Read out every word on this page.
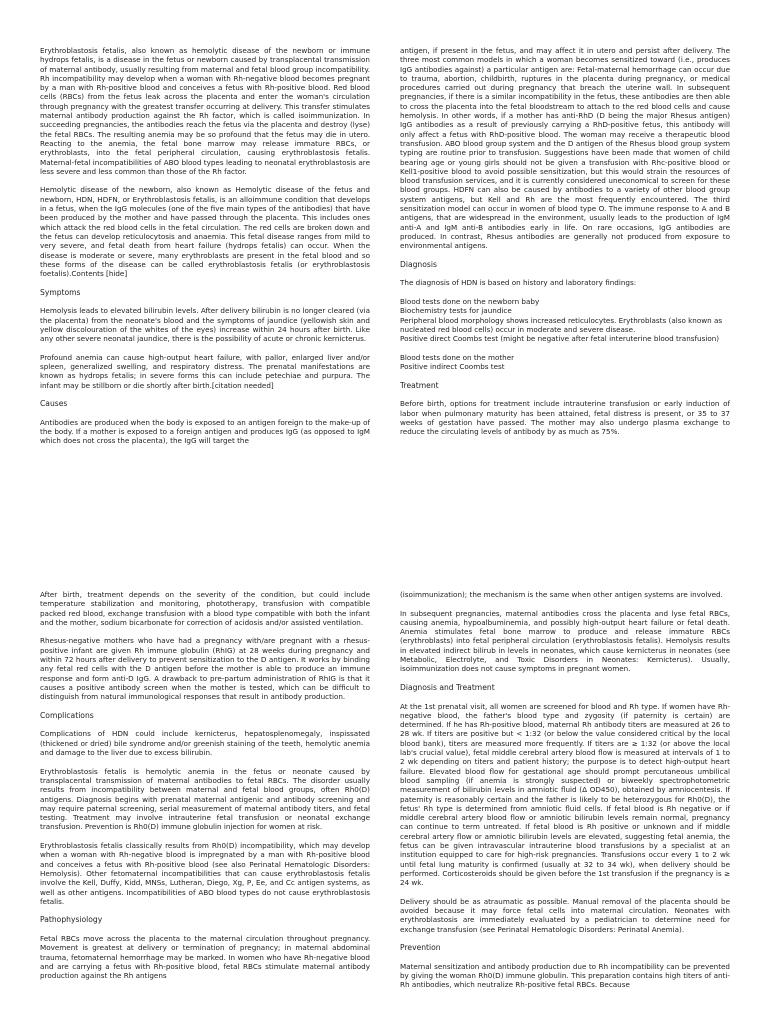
Erythroblastosis fetalis, also known as hemolytic disease of the newborn or immune hydrops fetalis, is a disease in the fetus or newborn caused by transplacental transmission of maternal antibody, usually resulting from maternal and fetal blood group incompatibility. Rh incompatibility may develop when a woman with Rh-negative blood becomes pregnant by a man with Rh-positive blood and conceives a fetus with Rh-positive blood. Red blood cells (RBCs) from the fetus leak across the placenta and enter the woman's circulation through pregnancy with the greatest transfer occurring at delivery. This transfer stimulates maternal antibody production against the Rh factor, which is called isoimmunization. In succeeding pregnancies, the antibodies reach the fetus via the placenta and destroy (lyse) the fetal RBCs. The resulting anemia may be so profound that the fetus may die in utero. Reacting to the anemia, the fetal bone marrow may release immature RBCs, or erythroblasts, into the fetal peripheral circulation, causing erythroblastosis fetalis. Maternal-fetal incompatibilities of ABO blood types leading to neonatal erythroblastosis are less severe and less common than those of the Rh factor.

Hemolytic disease of the newborn, also known as Hemolytic disease of the fetus and newborn, HDN, HDFN, or Erythroblastosis fetalis, is an alloimmune condition that develops in a fetus, when the IgG molecules (one of the five main types of the antibodies) that have been produced by the mother and have passed through the placenta. This includes ones which attack the red blood cells in the fetal circulation. The red cells are broken down and the fetus can develop reticulocytosis and anaemia. This fetal disease ranges from mild to very severe, and fetal death from heart failure (hydrops fetalis) can occur. When the disease is moderate or severe, many erythroblasts are present in the fetal blood and so these forms of the disease can be called erythroblastosis fetalis (or erythroblastosis foetalis).Contents [hide]

Symptoms

Hemolysis leads to elevated bilirubin levels. After delivery bilirubin is no longer cleared (via the placenta) from the neonate's blood and the symptoms of jaundice (yellowish skin and yellow discolouration of the whites of the eyes) increase within 24 hours after birth. Like any other severe neonatal jaundice, there is the possibility of acute or chronic kernicterus.

Profound anemia can cause high-output heart failure, with pallor, enlarged liver and/or spleen, generalized swelling, and respiratory distress. The prenatal manifestations are known as hydrops fetalis; in severe forms this can include petechiae and purpura. The infant may be stillborn or die shortly after birth.[citation needed]

Causes

Antibodies are produced when the body is exposed to an antigen foreign to the make-up of the body. If a mother is exposed to a foreign antigen and produces IgG (as opposed to IgM which does not cross the placenta), the IgG will target the

antigen, if present in the fetus, and may affect it in utero and persist after delivery. The three most common models in which a woman becomes sensitized toward (i.e., produces IgG antibodies against) a particular antigen are: Fetal-maternal hemorrhage can occur due to trauma, abortion, childbirth, ruptures in the placenta during pregnancy, or medical procedures carried out during pregnancy that breach the uterine wall. In subsequent pregnancies, if there is a similar incompatibility in the fetus, these antibodies are then able to cross the placenta into the fetal bloodstream to attach to the red blood cells and cause hemolysis. In other words, if a mother has anti-RhD (D being the major Rhesus antigen) IgG antibodies as a result of previously carrying a RhD-positive fetus, this antibody will only affect a fetus with RhD-positive blood. The woman may receive a therapeutic blood transfusion. ABO blood group system and the D antigen of the Rhesus blood group system typing are routine prior to transfusion. Suggestions have been made that women of child bearing age or young girls should not be given a transfusion with Rhc-positive blood or Kell1-positive blood to avoid possible sensitization, but this would strain the resources of blood transfusion services, and it is currently considered uneconomical to screen for these blood groups. HDFN can also be caused by antibodies to a variety of other blood group system antigens, but Kell and Rh are the most frequently encountered. The third sensitization model can occur in women of blood type O. The immune response to A and B antigens, that are widespread in the environment, usually leads to the production of IgM anti-A and IgM anti-B antibodies early in life. On rare occasions, IgG antibodies are produced. In contrast, Rhesus antibodies are generally not produced from exposure to environmental antigens.

Diagnosis

The diagnosis of HDN is based on history and laboratory findings:

Blood tests done on the newborn baby
Biochemistry tests for jaundice
Peripheral blood morphology shows increased reticulocytes. Erythroblasts (also known as nucleated red blood cells) occur in moderate and severe disease.
Positive direct Coombs test (might be negative after fetal interuterine blood transfusion)

Blood tests done on the mother
Positive indirect Coombs test

Treatment

Before birth, options for treatment include intrauterine transfusion or early induction of labor when pulmonary maturity has been attained, fetal distress is present, or 35 to 37 weeks of gestation have passed. The mother may also undergo plasma exchange to reduce the circulating levels of antibody by as much as 75%.

After birth, treatment depends on the severity of the condition, but could include temperature stabilization and monitoring, phototherapy, transfusion with compatible packed red blood, exchange transfusion with a blood type compatible with both the infant and the mother, sodium bicarbonate for correction of acidosis and/or assisted ventilation.

Rhesus-negative mothers who have had a pregnancy with/are pregnant with a rhesus-positive infant are given Rh immune globulin (RhIG) at 28 weeks during pregnancy and within 72 hours after delivery to prevent sensitization to the D antigen. It works by binding any fetal red cells with the D antigen before the mother is able to produce an immune response and form anti-D IgG. A drawback to pre-partum administration of RhIG is that it causes a positive antibody screen when the mother is tested, which can be difficult to distinguish from natural immunological responses that result in antibody production.

Complications

Complications of HDN could include kernicterus, hepatosplenomegaly, inspissated (thickened or dried) bile syndrome and/or greenish staining of the teeth, hemolytic anemia and damage to the liver due to excess bilirubin.

Erythroblastosis fetalis is hemolytic anemia in the fetus or neonate caused by transplacental transmission of maternal antibodies to fetal RBCs. The disorder usually results from incompatibility between maternal and fetal blood groups, often Rh0(D) antigens. Diagnosis begins with prenatal maternal antigenic and antibody screening and may require paternal screening, serial measurement of maternal antibody titers, and fetal testing. Treatment may involve intrauterine fetal transfusion or neonatal exchange transfusion. Prevention is Rh0(D) immune globulin injection for women at risk.

Erythroblastosis fetalis classically results from Rh0(D) incompatibility, which may develop when a woman with Rh-negative blood is impregnated by a man with Rh-positive blood and conceives a fetus with Rh-positive blood (see also Perinatal Hematologic Disorders: Hemolysis). Other fetomaternal incompatibilities that can cause erythroblastosis fetalis involve the Kell, Duffy, Kidd, MNSs, Lutheran, Diego, Xg, P, Ee, and Cc antigen systems, as well as other antigens. Incompatibilities of ABO blood types do not cause erythroblastosis fetalis.

Pathophysiology

Fetal RBCs move across the placenta to the maternal circulation throughout pregnancy. Movement is greatest at delivery or termination of pregnancy; in maternal abdominal trauma, fetomaternal hemorrhage may be marked. In women who have Rh-negative blood and are carrying a fetus with Rh-positive blood, fetal RBCs stimulate maternal antibody production against the Rh antigens

(isoimmunization); the mechanism is the same when other antigen systems are involved.

In subsequent pregnancies, maternal antibodies cross the placenta and lyse fetal RBCs, causing anemia, hypoalbuminemia, and possibly high-output heart failure or fetal death. Anemia stimulates fetal bone marrow to produce and release immature RBCs (erythroblasts) into fetal peripheral circulation (erythroblastosis fetalis). Hemolysis results in elevated indirect bilirub in levels in neonates, which cause kernicterus in neonates (see Metabolic, Electrolyte, and Toxic Disorders in Neonates: Kernicterus). Usually, isoimmunization does not cause symptoms in pregnant women.

Diagnosis and Treatment

At the 1st prenatal visit, all women are screened for blood and Rh type. If women have Rh-negative blood, the father's blood type and zygosity (if paternity is certain) are determined. If he has Rh-positive blood, maternal Rh antibody titers are measured at 26 to 28 wk. If titers are positive but < 1:32 (or below the value considered critical by the local blood bank), titers are measured more frequently. If titers are ≥ 1:32 (or above the local lab's crucial value), fetal middle cerebral artery blood flow is measured at intervals of 1 to 2 wk depending on titers and patient history; the purpose is to detect high-output heart failure. Elevated blood flow for gestational age should prompt percutaneous umbilical blood sampling (if anemia is strongly suspected) or biweekly spectrophotometric measurement of bilirubin levels in amniotic fluid (Δ OD450), obtained by amniocentesis. If paternity is reasonably certain and the father is likely to be heterozygous for Rh0(D), the fetus' Rh type is determined from amniotic fluid cells. If fetal blood is Rh negative or if middle cerebral artery blood flow or amniotic bilirubin levels remain normal, pregnancy can continue to term untreated. If fetal blood is Rh positive or unknown and if middle cerebral artery flow or amniotic bilirubin levels are elevated, suggesting fetal anemia, the fetus can be given intravascular intrauterine blood transfusions by a specialist at an institution equipped to care for high-risk pregnancies. Transfusions occur every 1 to 2 wk until fetal lung maturity is confirmed (usually at 32 to 34 wk), when delivery should be performed. Corticosteroids should be given before the 1st transfusion if the pregnancy is ≥ 24 wk.

Delivery should be as atraumatic as possible. Manual removal of the placenta should be avoided because it may force fetal cells into maternal circulation. Neonates with erythroblastosis are immediately evaluated by a pediatrician to determine need for exchange transfusion (see Perinatal Hematologic Disorders: Perinatal Anemia).

Prevention

Maternal sensitization and antibody production due to Rh incompatibility can be prevented by giving the woman Rh0(D) immune globulin. This preparation contains high titers of anti-Rh antibodies, which neutralize Rh-positive fetal RBCs. Because
